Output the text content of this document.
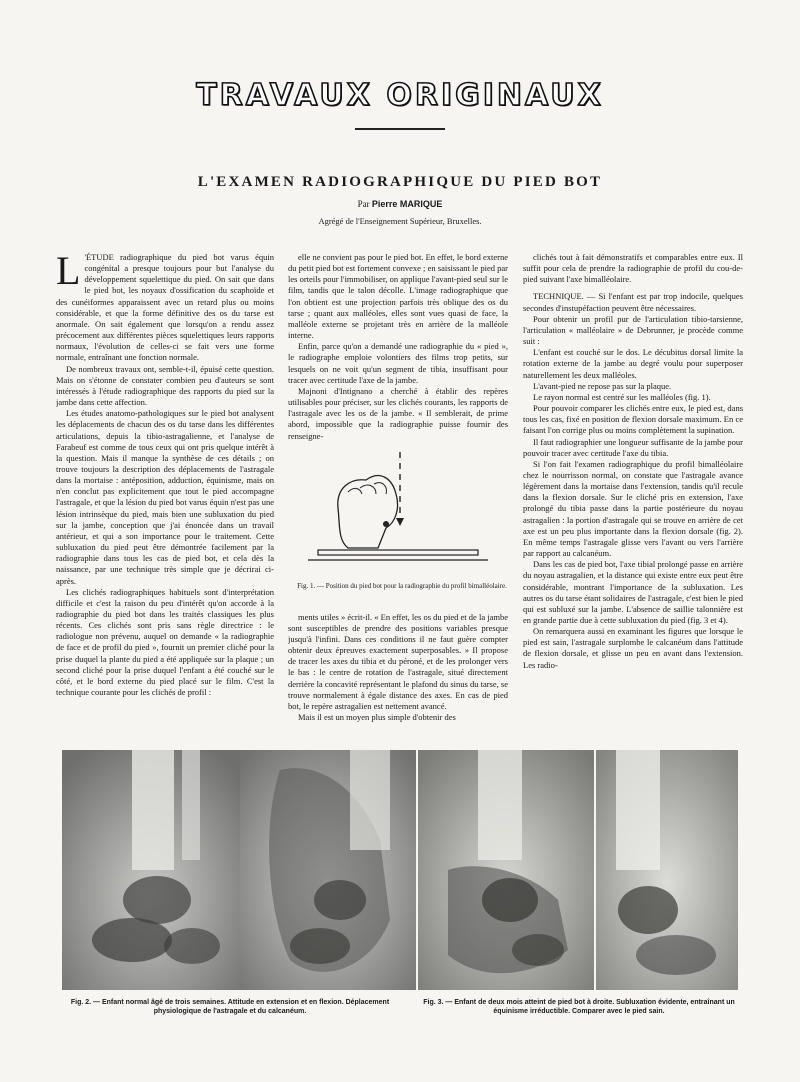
TRAVAUX ORIGINAUX
L'EXAMEN RADIOGRAPHIQUE DU PIED BOT
Par Pierre MARIQUE
Agrégé de l'Enseignement Supérieur, Bruxelles.

L 'ÉTUDE radiographique du pied bot varus équin congénital a presque toujours pour but l'analyse du développement squelettique du pied. On sait que dans le pied bot, les noyaux d'ossification du scaphoïde et des cunéiformes apparaissent avec un retard plus ou moins considérable, et que la forme définitive des os du tarse est anormale. On sait également que lorsqu'on a rendu assez précocement aux différentes pièces squelettiques leurs rapports normaux, l'évolution de celles-ci se fait vers une forme normale, entraînant une fonction normale.

De nombreux travaux ont, semble-t-il, épuisé cette question. Mais on s'étonne de constater combien peu d'auteurs se sont intéressés à l'étude radiographique des rapports du pied sur la jambe dans cette affection.

Les études anatomo-pathologiques sur le pied bot analysent les déplacements de chacun des os du tarse dans les différentes articulations, depuis la tibio-astragalienne, et l'analyse de Farabeuf est comme de tous ceux qui ont pris quelque intérêt à la question. Mais il manque la synthèse de ces détails ; on trouve toujours la description des déplacements de l'astragale dans la mortaise : antéposition, adduction, équinisme, mais on n'en conclut pas explicitement que tout le pied accompagne l'astragale, et que la lésion du pied bot varus équin n'est pas une lésion intrinsèque du pied, mais bien une subluxation du pied sur la jambe, conception que j'ai énoncée dans un travail antérieur, et qui a son importance pour le traitement. Cette subluxation du pied peut être démontrée facilement par la radiographie dans tous les cas de pied bot, et cela dès la naissance, par une technique très simple que je décrirai ci-après.

Les clichés radiographiques habituels sont d'interprétation difficile et c'est la raison du peu d'intérêt qu'on accorde à la radiographie du pied bot dans les traités classiques les plus récents. Ces clichés sont pris sans règle directrice : le radiologue non prévenu, auquel on demande « la radiographie de face et de profil du pied », fournit un premier cliché pour la prise duquel la plante du pied a été appliquée sur la plaque ; un second cliché pour la prise duquel l'enfant a été couché sur le côté, et le bord externe du pied placé sur le film. C'est la technique courante pour les clichés de profil :

elle ne convient pas pour le pied bot. En effet, le bord externe du petit pied bot est fortement convexe ; en saisissant le pied par les orteils pour l'immobiliser, on applique l'avant-pied seul sur le film, tandis que le talon décolle. L'image radiographique que l'on obtient est une projection parfois très oblique des os du tarse ; quant aux malléoles, elles sont vues quasi de face, la malléole externe se projetant très en arrière de la malléole interne.

Enfin, parce qu'on a demandé une radiographie du « pied », le radiographe emploie volontiers des films trop petits, sur lesquels on ne voit qu'un segment de tibia, insuffisant pour tracer avec certitude l'axe de la jambe.

Majnoni d'Intignano a cherché à établir des repères utilisables pour préciser, sur les clichés courants, les rapports de l'astragale avec les os de la jambe. « Il semblerait, de prime abord, impossible que la radiographie puisse fournir des renseigne-

Fig. 1. — Position du pied bot pour la radiographie du profil bimalléolaire.

ments utiles » écrit-il. « En effet, les os du pied et de la jambe sont susceptibles de prendre des positions variables presque jusqu'à l'infini. Dans ces conditions il ne faut guère compter obtenir deux épreuves exactement superposables. » Il propose de tracer les axes du tibia et du péroné, et de les prolonger vers le bas : le centre de rotation de l'astragale, situé directement derrière la concavité représentant le plafond du sinus du tarse, se trouve normalement à égale distance des axes. En cas de pied bot, le repère astragalien est nettement avancé.

Mais il est un moyen plus simple d'obtenir des

clichés tout à fait démonstratifs et comparables entre eux. Il suffit pour cela de prendre la radiographie de profil du cou-de-pied suivant l'axe bimalléolaire.

TECHNIQUE. — Si l'enfant est par trop indocile, quelques secondes d'instupéfaction peuvent être nécessaires.

Pour obtenir un profil pur de l'articulation tibio-tarsienne, l'articulation « malléolaire » de Debrunner, je procède comme suit :

L'enfant est couché sur le dos. Le décubitus dorsal limite la rotation externe de la jambe au degré voulu pour superposer naturellement les deux malléoles.

L'avant-pied ne repose pas sur la plaque.

Le rayon normal est centré sur les malléoles (fig. 1).

Pour pouvoir comparer les clichés entre eux, le pied est, dans tous les cas, fixé en position de flexion dorsale maximum. En ce faisant l'on corrige plus ou moins complètement la supination.

Il faut radiographier une longueur suffisante de la jambe pour pouvoir tracer avec certitude l'axe du tibia.

Si l'on fait l'examen radiographique du profil bimalléolaire chez le nourrisson normal, on constate que l'astragale avance légèrement dans la mortaise dans l'extension, tandis qu'il recule dans la flexion dorsale. Sur le cliché pris en extension, l'axe prolongé du tibia passe dans la partie postérieure du noyau astragalien : la portion d'astragale qui se trouve en arrière de cet axe est un peu plus importante dans la flexion dorsale (fig. 2). En même temps l'astragale glisse vers l'avant ou vers l'arrière par rapport au calcanéum.

Dans les cas de pied bot, l'axe tibial prolongé passe en arrière du noyau astragalien, et la distance qui existe entre eux peut être considérable, montrant l'importance de la subluxation. Les autres os du tarse étant solidaires de l'astragale, c'est bien le pied qui est subluxé sur la jambe. L'absence de saillie talonnière est en grande partie due à cette subluxation du pied (fig. 3 et 4).

On remarquera aussi en examinant les figures que lorsque le pied est sain, l'astragale surplombe le calcanéum dans l'attitude de flexion dorsale, et glisse un peu en avant dans l'extension. Les radio-

Fig. 2. — Enfant normal âgé de trois semaines. Attitude en extension et en flexion. Déplacement physiologique de l'astragale et du calcanéum.
Fig. 3. — Enfant de deux mois atteint de pied bot à droite. Subluxation évidente, entraînant un équinisme irréductible. Comparer avec le pied sain.
